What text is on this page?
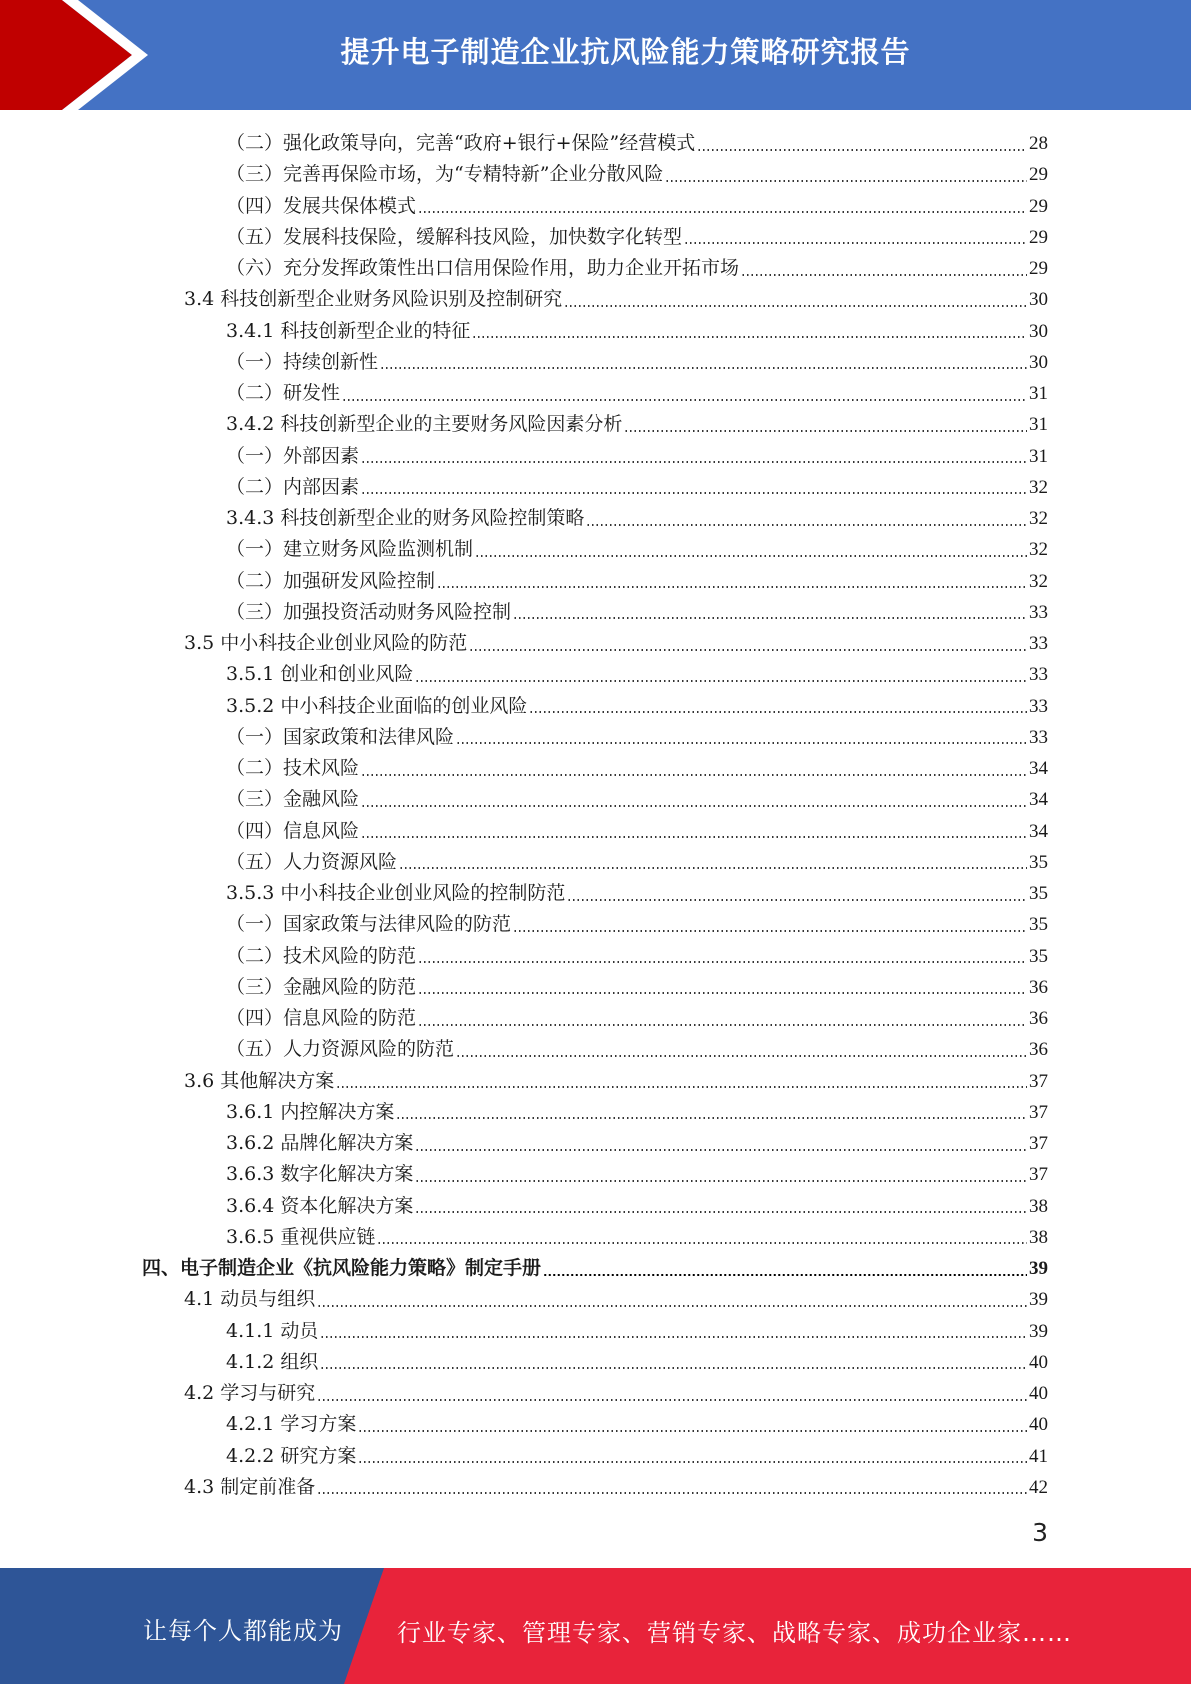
提升电子制造企业抗风险能力策略研究报告
（二）强化政策导向，完善“政府+银行+保险”经营模式	28
（三）完善再保险市场，为“专精特新”企业分散风险	29
（四）发展共保体模式	29
（五）发展科技保险，缓解科技风险，加快数字化转型	29
（六）充分发挥政策性出口信用保险作用，助力企业开拓市场	29
3.4 科技创新型企业财务风险识别及控制研究	30
3.4.1 科技创新型企业的特征	30
（一）持续创新性	30
（二）研发性	31
3.4.2 科技创新型企业的主要财务风险因素分析	31
（一）外部因素	31
（二）内部因素	32
3.4.3 科技创新型企业的财务风险控制策略	32
（一）建立财务风险监测机制	32
（二）加强研发风险控制	32
（三）加强投资活动财务风险控制	33
3.5 中小科技企业创业风险的防范	33
3.5.1 创业和创业风险	33
3.5.2 中小科技企业面临的创业风险	33
（一）国家政策和法律风险	33
（二）技术风险	34
（三）金融风险	34
（四）信息风险	34
（五）人力资源风险	35
3.5.3 中小科技企业创业风险的控制防范	35
（一）国家政策与法律风险的防范	35
（二）技术风险的防范	35
（三）金融风险的防范	36
（四）信息风险的防范	36
（五）人力资源风险的防范	36
3.6 其他解决方案	37
3.6.1 内控解决方案	37
3.6.2 品牌化解决方案	37
3.6.3 数字化解决方案	37
3.6.4 资本化解决方案	38
3.6.5 重视供应链	38
四、电子制造企业《抗风险能力策略》制定手册	39
4.1 动员与组织	39
4.1.1 动员	39
4.1.2 组织	40
4.2 学习与研究	40
4.2.1 学习方案	40
4.2.2 研究方案	41
4.3 制定前准备	42
3
让每个人都能成为 行业专家、管理专家、营销专家、战略专家、成功企业家……
